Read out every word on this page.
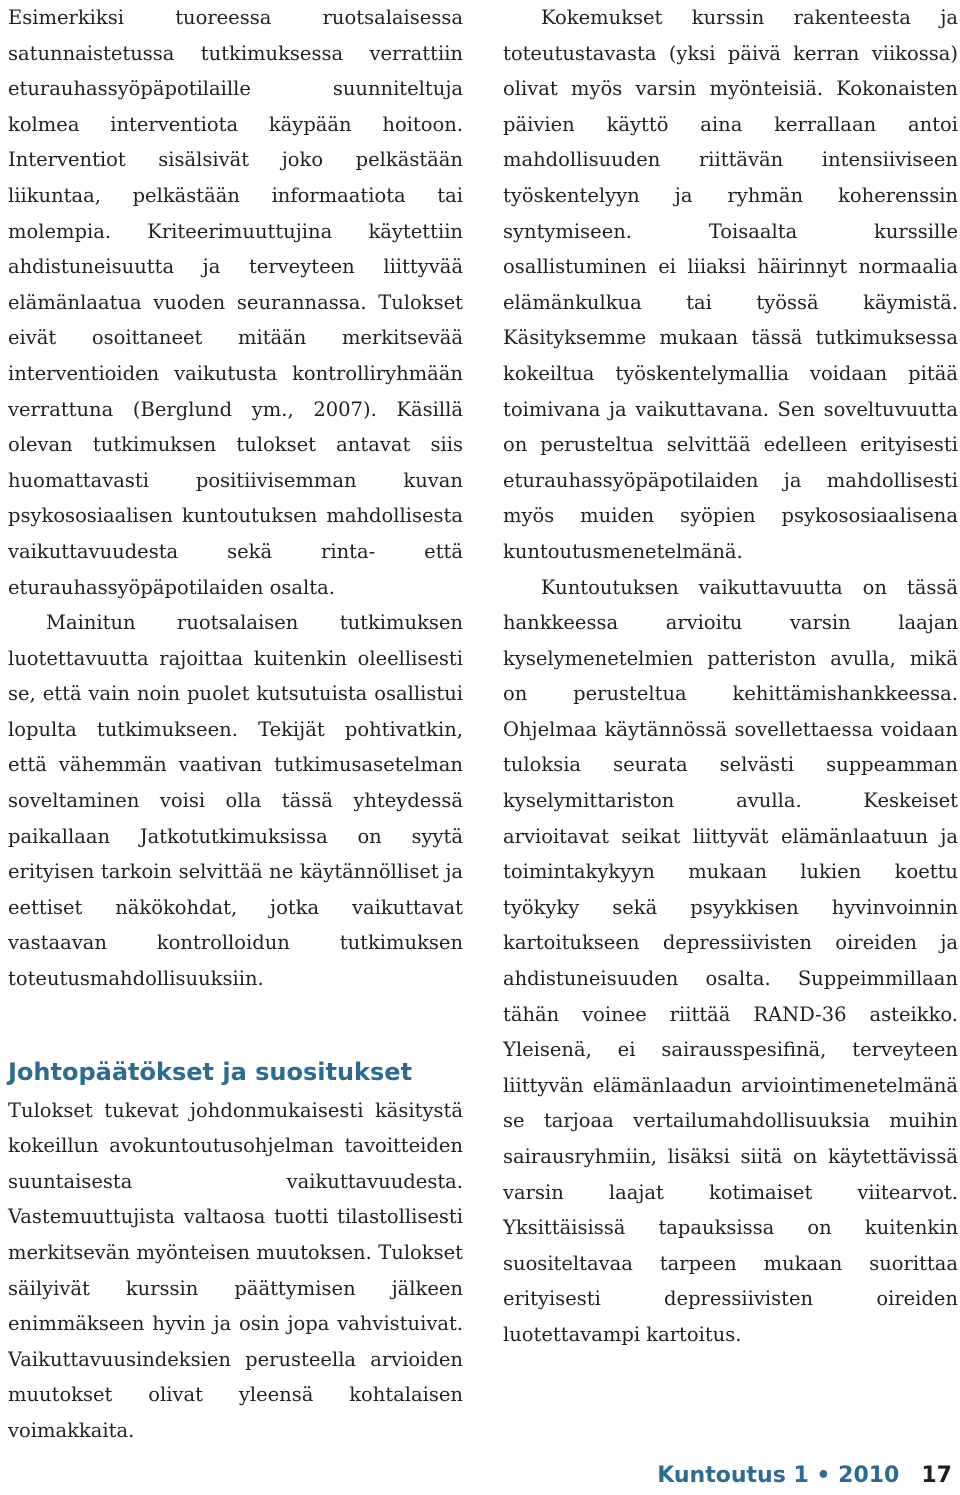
Esimerkiksi tuoreessa ruotsalaisessa satunnaistetussa tutkimuksessa verrattiin eturauhassyöpäpotilaille suunniteltuja kolmea interventiota käypään hoitoon. Interventiot sisälsivät joko pelkästään liikuntaa, pelkästään informaatiota tai molempia. Kriteerimuuttujina käytettiin ahdistuneisuutta ja terveyteen liittyvää elämänlaatua vuoden seurannassa. Tulokset eivät osoittaneet mitään merkitsevää interventioiden vaikutusta kontrolliryhmään verrattuna (Berglund ym., 2007). Käsillä olevan tutkimuksen tulokset antavat siis huomattavasti positiivisemman kuvan psykososiaalisen kuntoutuksen mahdollisesta vaikuttavuudesta sekä rinta- että eturauhassyöpäpotilaiden osalta.

Mainitun ruotsalaisen tutkimuksen luotettavuutta rajoittaa kuitenkin oleellisesti se, että vain noin puolet kutsutuista osallistui lopulta tutkimukseen. Tekijät pohtivatkin, että vähemmän vaativan tutkimusasetelman soveltaminen voisi olla tässä yhteydessä paikallaan Jatkotutkimuksissa on syytä erityisen tarkoin selvittää ne käytännölliset ja eettiset näkökohdat, jotka vaikuttavat vastaavan kontrolloidun tutkimuksen toteutusmahdollisuuksiin.

Johtopäätökset ja suositukset

Tulokset tukevat johdonmukaisesti käsitystä kokeillun avokuntoutusohjelman tavoitteiden suuntaisesta vaikuttavuudesta. Vastemuuttujista valtaosa tuotti tilastollisesti merkitsevän myönteisen muutoksen. Tulokset säilyivät kurssin päättymisen jälkeen enimmäkseen hyvin ja osin jopa vahvistuivat. Vaikuttavuusindeksien perusteella arvioiden muutokset olivat yleensä kohtalaisen voimakkaita.

Kokemukset kurssin rakenteesta ja toteutustavasta (yksi päivä kerran viikossa) olivat myös varsin myönteisiä. Kokonaisten päivien käyttö aina kerrallaan antoi mahdollisuuden riittävän intensiiviseen työskentelyyn ja ryhmän koherenssin syntymiseen. Toisaalta kurssille osallistuminen ei liiaksi häirinnyt normaalia elämänkulkua tai työssä käymistä. Käsityksemme mukaan tässä tutkimuksessa kokeiltua työskentelymallia voidaan pitää toimivana ja vaikuttavana. Sen soveltuvuutta on perusteltua selvittää edelleen erityisesti eturauhassyöpäpotilaiden ja mahdollisesti myös muiden syöpien psykososiaalisena kuntoutusmenetelmänä.

Kuntoutuksen vaikuttavuutta on tässä hankkeessa arvioitu varsin laajan kyselymenetelmien patteriston avulla, mikä on perusteltua kehittämishankkeessa. Ohjelmaa käytännössä sovellettaessa voidaan tuloksia seurata selvästi suppeamman kyselymittariston avulla. Keskeiset arvioitavat seikat liittyvät elämänlaatuun ja toimintakykyyn mukaan lukien koettu työkyky sekä psyykkisen hyvinvoinnin kartoitukseen depressiivisten oireiden ja ahdistuneisuuden osalta. Suppeimmillaan tähän voinee riittää RAND-36 asteikko. Yleisenä, ei sairausspesifinä, terveyteen liittyvän elämänlaadun arviointimenetelmänä se tarjoaa vertailumahdollisuuksia muihin sairausryhmiin, lisäksi siitä on käytettävissä varsin laajat kotimaiset viitearvot. Yksittäisissä tapauksissa on kuitenkin suositeltavaa tarpeen mukaan suorittaa erityisesti depressiivisten oireiden luotettavampi kartoitus.

Kuntoutus 1 • 2010 17
